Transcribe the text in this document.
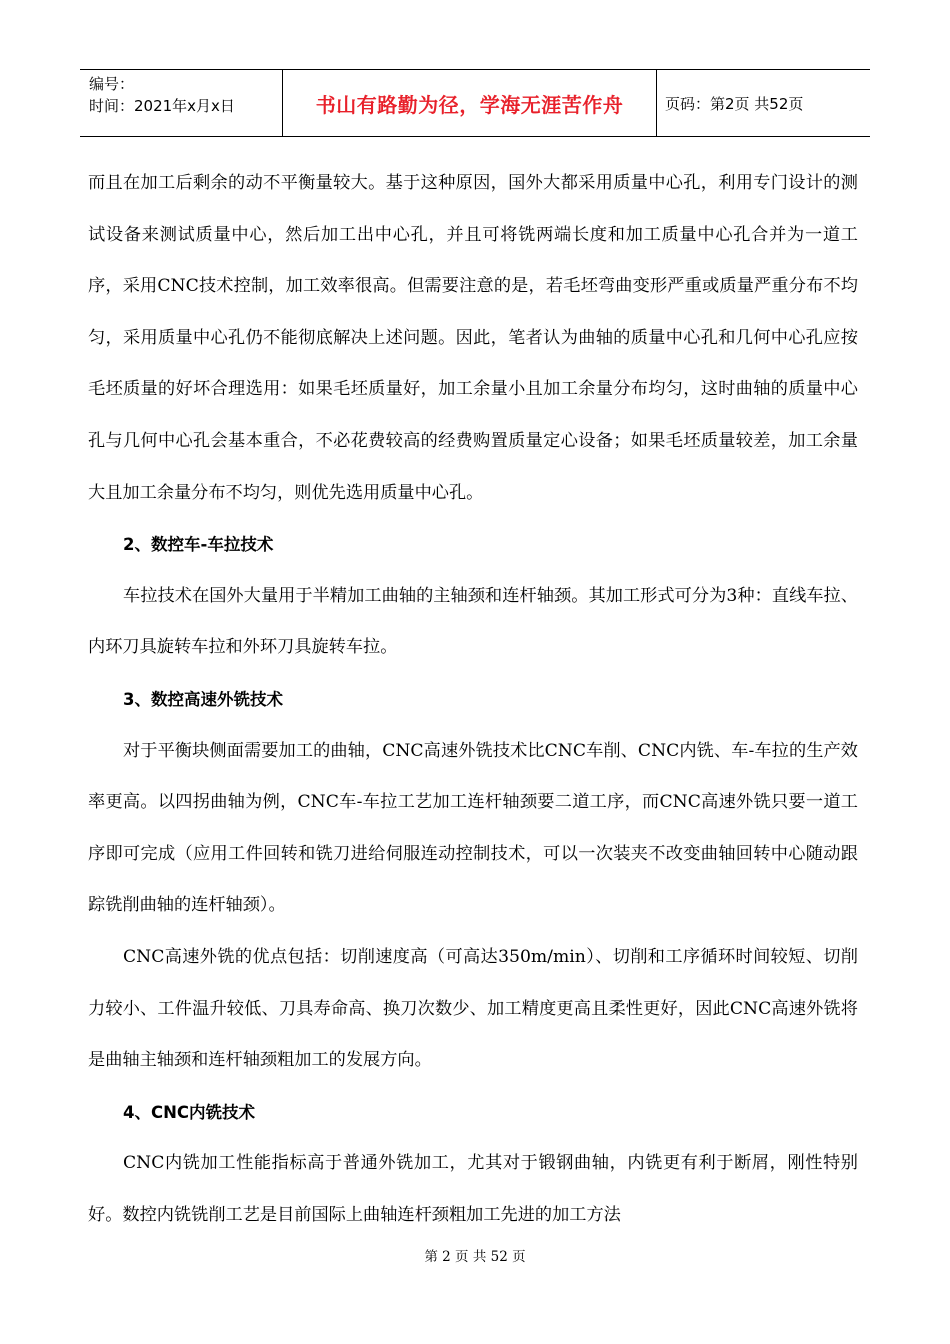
编号：
时间：2021年x月x日	书山有路勤为径，学海无涯苦作舟	页码：第2页 共52页

而且在加工后剩余的动不平衡量较大。基于这种原因，国外大都采用质量中心孔，利用专门设计的测试设备来测试质量中心，然后加工出中心孔，并且可将铣两端长度和加工质量中心孔合并为一道工序，采用CNC技术控制，加工效率很高。但需要注意的是，若毛坯弯曲变形严重或质量严重分布不均匀，采用质量中心孔仍不能彻底解决上述问题。因此，笔者认为曲轴的质量中心孔和几何中心孔应按毛坯质量的好坏合理选用：如果毛坯质量好，加工余量小且加工余量分布均匀，这时曲轴的质量中心孔与几何中心孔会基本重合，不必花费较高的经费购置质量定心设备；如果毛坯质量较差，加工余量大且加工余量分布不均匀，则优先选用质量中心孔。

2、数控车-车拉技术

车拉技术在国外大量用于半精加工曲轴的主轴颈和连杆轴颈。其加工形式可分为3种：直线车拉、内环刀具旋转车拉和外环刀具旋转车拉。

3、数控高速外铣技术

对于平衡块侧面需要加工的曲轴，CNC高速外铣技术比CNC车削、CNC内铣、车-车拉的生产效率更高。以四拐曲轴为例，CNC车-车拉工艺加工连杆轴颈要二道工序，而CNC高速外铣只要一道工序即可完成（应用工件回转和铣刀进给伺服连动控制技术，可以一次装夹不改变曲轴回转中心随动跟踪铣削曲轴的连杆轴颈）。

CNC高速外铣的优点包括：切削速度高（可高达350m/min）、切削和工序循环时间较短、切削力较小、工件温升较低、刀具寿命高、换刀次数少、加工精度更高且柔性更好，因此CNC高速外铣将是曲轴主轴颈和连杆轴颈粗加工的发展方向。

4、CNC内铣技术

CNC内铣加工性能指标高于普通外铣加工，尤其对于锻钢曲轴，内铣更有利于断屑，刚性特别好。数控内铣铣削工艺是目前国际上曲轴连杆颈粗加工先进的加工方法

第 2 页 共 52 页
